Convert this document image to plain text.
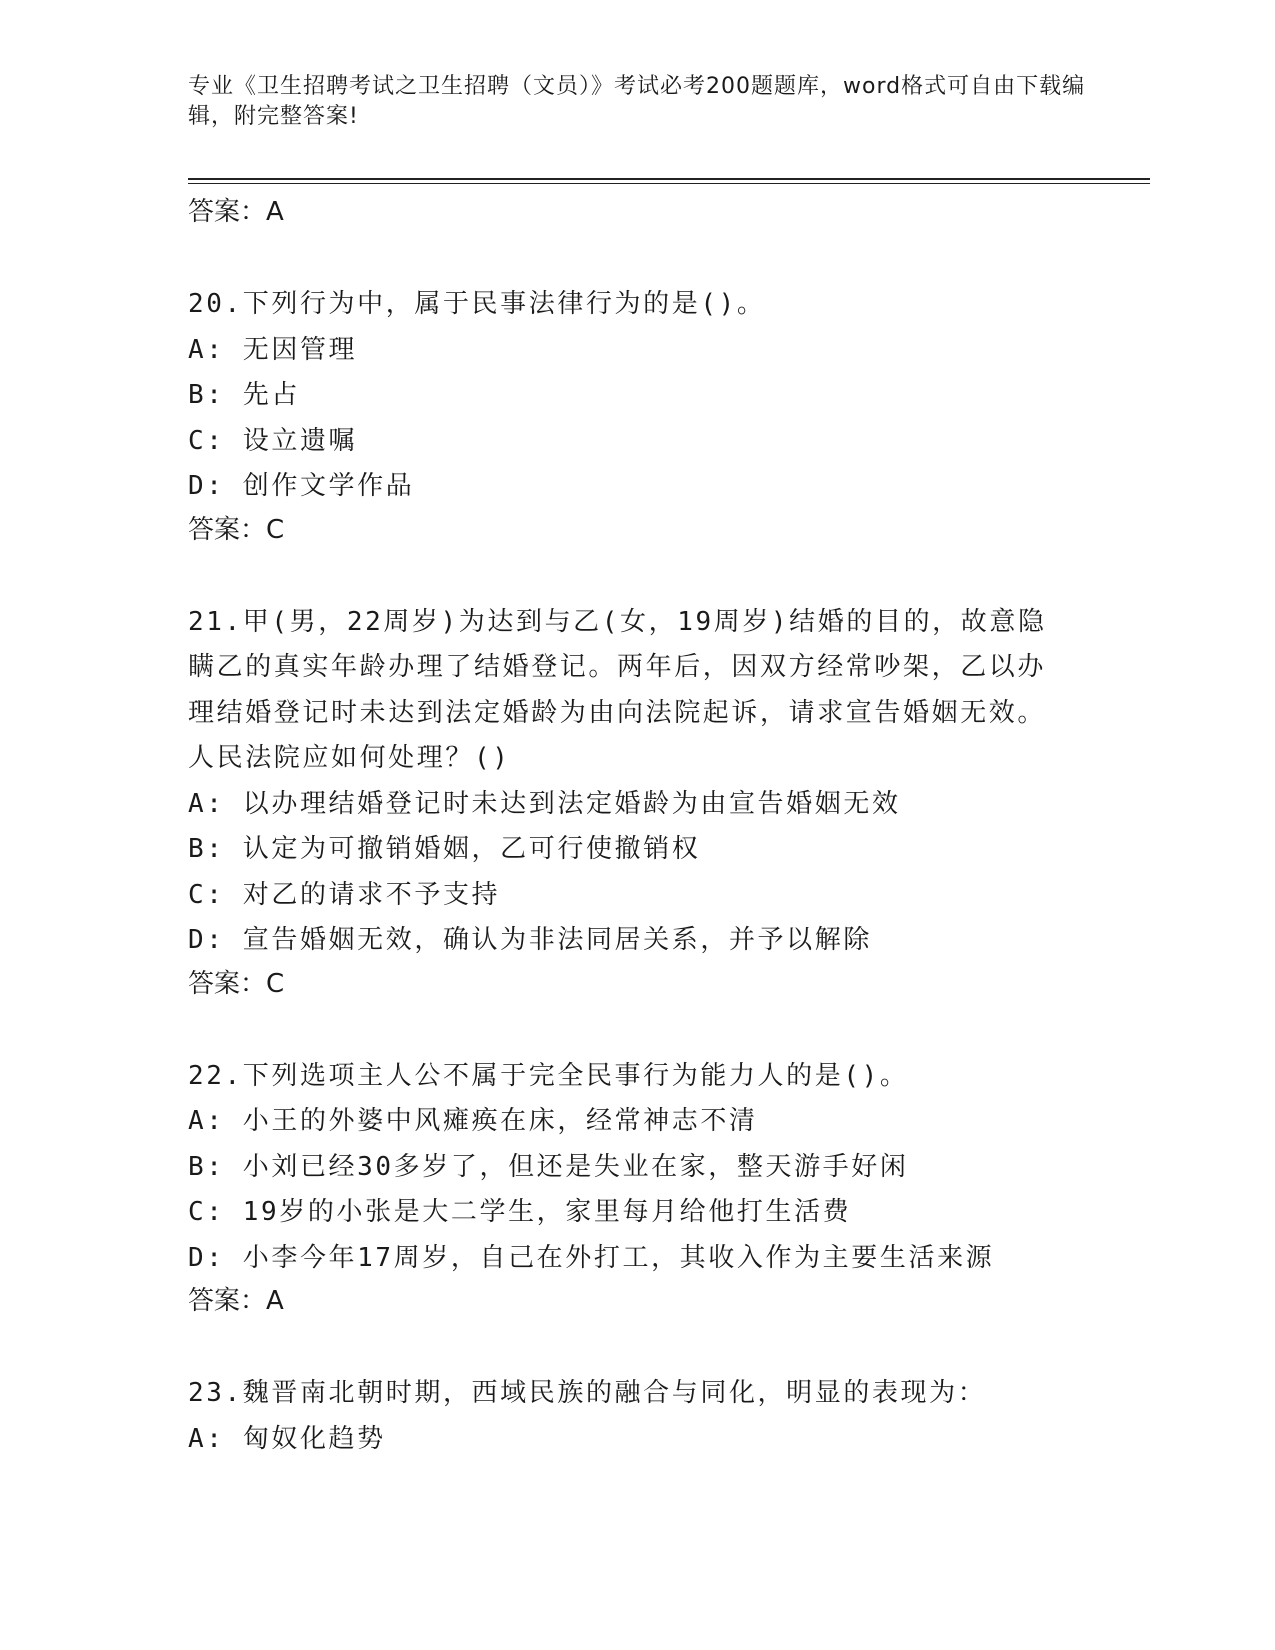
专业《卫生招聘考试之卫生招聘（文员）》考试必考200题题库，word格式可自由下载编辑，附完整答案!
答案：A
20.下列行为中，属于民事法律行为的是()。
A: 无因管理
B: 先占
C: 设立遗嘱
D: 创作文学作品
答案：C
21.甲(男，22周岁)为达到与乙(女，19周岁)结婚的目的，故意隐瞒乙的真实年龄办理了结婚登记。两年后，因双方经常吵架，乙以办理结婚登记时未达到法定婚龄为由向法院起诉，请求宣告婚姻无效。人民法院应如何处理？()
A: 以办理结婚登记时未达到法定婚龄为由宣告婚姻无效
B: 认定为可撤销婚姻，乙可行使撤销权
C: 对乙的请求不予支持
D: 宣告婚姻无效，确认为非法同居关系，并予以解除
答案：C
22.下列选项主人公不属于完全民事行为能力人的是()。
A: 小王的外婆中风瘫痪在床，经常神志不清
B: 小刘已经30多岁了，但还是失业在家，整天游手好闲
C: 19岁的小张是大二学生，家里每月给他打生活费
D: 小李今年17周岁，自己在外打工，其收入作为主要生活来源
答案：A
23.魏晋南北朝时期，西域民族的融合与同化，明显的表现为：
A: 匈奴化趋势
